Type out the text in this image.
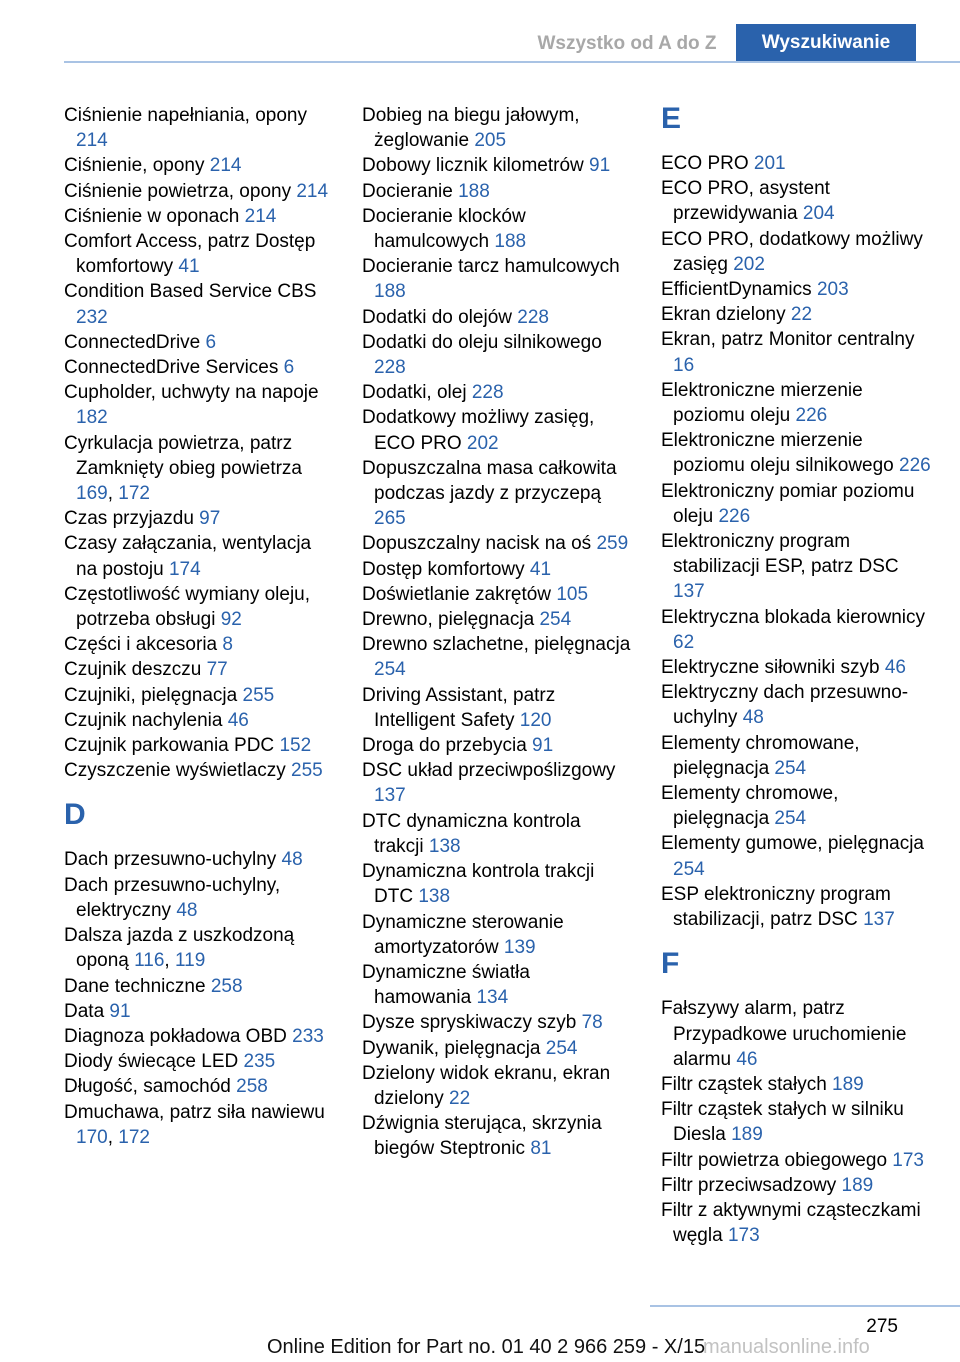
Wszystko od A do Z	Wyszukiwanie
Ciśnienie napełniania, opony 214
Ciśnienie, opony 214
Ciśnienie powietrza, opony 214
Ciśnienie w oponach 214
Comfort Access, patrz Dostęp komfortowy 41
Condition Based Service CBS 232
ConnectedDrive 6
ConnectedDrive Services 6
Cupholder, uchwyty na napoje 182
Cyrkulacja powietrza, patrz Zamknięty obieg powietrza 169, 172
Czas przyjazdu 97
Czasy załączania, wentylacja na postoju 174
Częstotliwość wymiany oleju, potrzeba obsługi 92
Części i akcesoria 8
Czujnik deszczu 77
Czujniki, pielęgnacja 255
Czujnik nachylenia 46
Czujnik parkowania PDC 152
Czyszczenie wyświetlaczy 255
D
Dach przesuwno-uchylny 48
Dach przesuwno-uchylny, elektryczny 48
Dalsza jazda z uszkodzoną oponą 116, 119
Dane techniczne 258
Data 91
Diagnoza pokładowa OBD 233
Diody świecące LED 235
Długość, samochód 258
Dmuchawa, patrz siła nawiewu 170, 172
Dobieg na biegu jałowym, żeglowanie 205
Dobowy licznik kilometrów 91
Docieranie 188
Docieranie klocków hamulcowych 188
Docieranie tarcz hamulcowych 188
Dodatki do olejów 228
Dodatki do oleju silnikowego 228
Dodatki, olej 228
Dodatkowy możliwy zasięg, ECO PRO 202
Dopuszczalna masa całkowita podczas jazdy z przyczepą 265
Dopuszczalny nacisk na oś 259
Dostęp komfortowy 41
Doświetlanie zakrętów 105
Drewno, pielęgnacja 254
Drewno szlachetne, pielęgnacja 254
Driving Assistant, patrz Intelligent Safety 120
Droga do przebycia 91
DSC układ przeciwpoślizgowy 137
DTC dynamiczna kontrola trakcji 138
Dynamiczna kontrola trakcji DTC 138
Dynamiczne sterowanie amortyzatorów 139
Dynamiczne światła hamowania 134
Dysze spryskiwaczy szyb 78
Dywanik, pielęgnacja 254
Dzielony widok ekranu, ekran dzielony 22
Dźwignia sterująca, skrzynia biegów Steptronic 81
E
ECO PRO 201
ECO PRO, asystent przewidywania 204
ECO PRO, dodatkowy możliwy zasięg 202
EfficientDynamics 203
Ekran dzielony 22
Ekran, patrz Monitor centralny 16
Elektroniczne mierzenie poziomu oleju 226
Elektroniczne mierzenie poziomu oleju silnikowego 226
Elektroniczny pomiar poziomu oleju 226
Elektroniczny program stabilizacji ESP, patrz DSC 137
Elektryczna blokada kierownicy 62
Elektryczne siłowniki szyb 46
Elektryczny dach przesuwno-uchylny 48
Elementy chromowane, pielęgnacja 254
Elementy chromowe, pielęgnacja 254
Elementy gumowe, pielęgnacja 254
ESP elektroniczny program stabilizacji, patrz DSC 137
F
Fałszywy alarm, patrz Przypadkowe uruchomienie alarmu 46
Filtr cząstek stałych 189
Filtr cząstek stałych w silniku Diesla 189
Filtr powietrza obiegowego 173
Filtr przeciwsadzowy 189
Filtr z aktywnymi cząsteczkami węgla 173
275
Online Edition for Part no. 01 40 2 966 259 - X/15
manualsonline.info
